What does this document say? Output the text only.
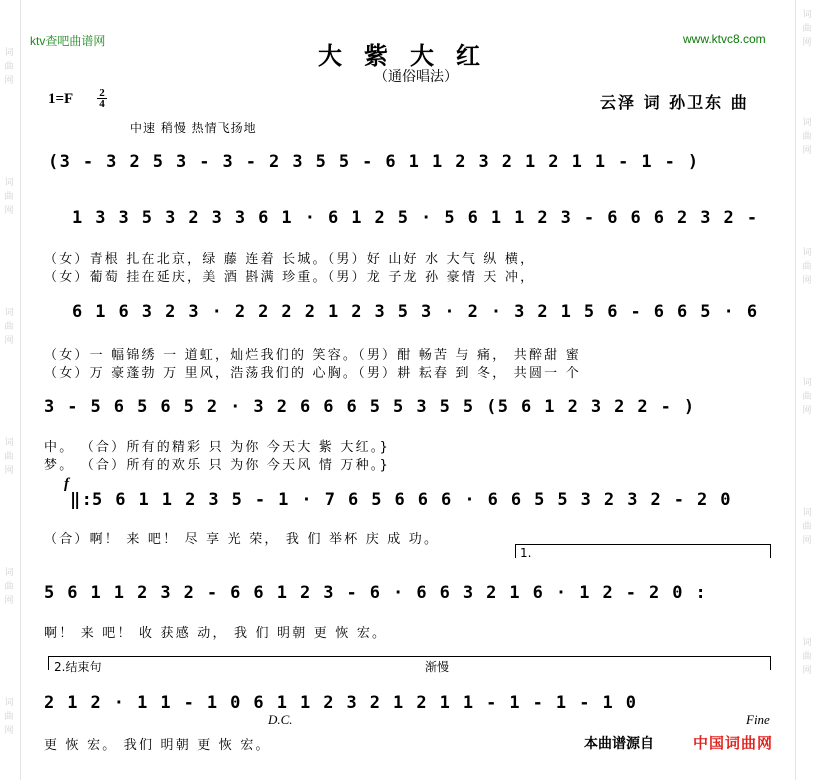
词
曲
网
词
曲
网
词
曲
网
词
曲
网
词
曲
网
词
曲
网
词
曲
网
词
曲
网
词
曲
网
词
曲
网
词
曲
网
词
曲
网
ktv查吧曲谱网	www.ktvc8.com
大紫大红
（通俗唱法）
1=F 2
4	云泽 词 孙卫东 曲
中速 稍慢 热情飞扬地
(3 - 3 2 5 3 - 3 - 2 3 5 5 - 6 1 1 2 3 2 1 2 1 1 - 1 - )
1 3 3 5 3 2 3 3 6 1 · 6 1 2 5 · 5 6 1 1 2 3 - 6 6 6 2 3 2 -
（女）青根 扎在北京，绿 藤 连着 长城。（男）好 山好 水 大气 纵 横，
（女）葡萄 挂在延庆，美 酒 斟满 珍重。（男）龙 子龙 孙 豪情 天 冲，
6 1 6 3 2 3 · 2 2 2 2 1 2 3 5 3 · 2 · 3 2 1 5 6 - 6 6 5 · 6
（女）一 幅锦绣 一 道虹，灿烂我们的 笑容。（男）酣 畅苦 与 痛， 共醉甜 蜜
（女）万 豪蓬勃 万 里风，浩荡我们的 心胸。（男）耕 耘春 到 冬， 共圆一 个
3 - 5 6 5 6 5 2 · 3 2 6 6 6 5 5 3 5 5 (5 6 1 2 3 2 2 - )
中。 （合）所有的精彩 只 为你 今天大 紫 大红。}
梦。 （合）所有的欢乐 只 为你 今天风 情 万种。}
f
‖:
5 6 1 1 2 3 5 - 1 · 7 6 5 6 6 6 · 6 6 5 5 3 2 3 2 - 2 0
（合）啊！ 来 吧！ 尽 享 光 荣， 我 们 举杯 庆 成 功。
1.
5 6 1 1 2 3 2 - 6 6 1 2 3 - 6 · 6 6 3 2 1 6 · 1 2 - 2 0 :
啊！ 来 吧！ 收 获感 动， 我 们 明朝 更 恢 宏。
2.结束句	渐慢
2 1 2 · 1 1 - 1 0 6 1 1 2 3 2 1 2 1 1 - 1 - 1 - 1 0
D.C.	Fine
更 恢 宏。 我们 明朝 更 恢 宏。	本曲谱源自	中国词曲网
